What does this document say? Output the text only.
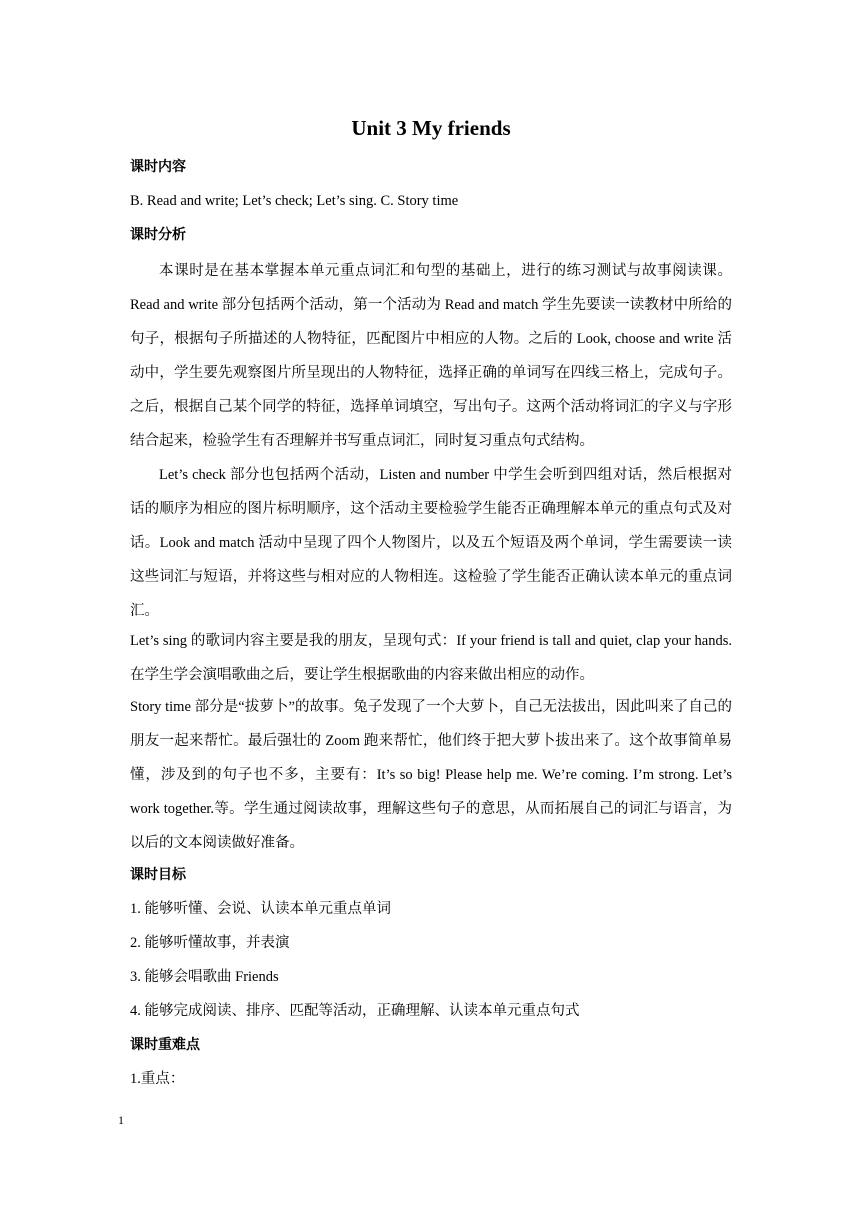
Unit 3 My friends
课时内容
B. Read and write; Let’s check; Let’s sing. C. Story time
课时分析
本课时是在基本掌握本单元重点词汇和句型的基础上，进行的练习测试与故事阅读课。Read and write 部分包括两个活动，第一个活动为 Read and match 学生先要读一读教材中所给的句子，根据句子所描述的人物特征，匹配图片中相应的人物。之后的 Look, choose and write 活动中，学生要先观察图片所呈现出的人物特征，选择正确的单词写在四线三格上，完成句子。之后，根据自己某个同学的特征，选择单词填空，写出句子。这两个活动将词汇的字义与字形结合起来，检验学生有否理解并书写重点词汇，同时复习重点句式结构。
Let’s check 部分也包括两个活动，Listen and number 中学生会听到四组对话，然后根据对话的顺序为相应的图片标明顺序，这个活动主要检验学生能否正确理解本单元的重点句式及对话。Look and match 活动中呈现了四个人物图片，以及五个短语及两个单词，学生需要读一读这些词汇与短语，并将这些与相对应的人物相连。这检验了学生能否正确认读本单元的重点词汇。
Let’s sing 的歌词内容主要是我的朋友，呈现句式：If your friend is tall and quiet, clap your hands. 在学生学会演唱歌曲之后，要让学生根据歌曲的内容来做出相应的动作。
Story time 部分是“拔萝卜”的故事。兔子发现了一个大萝卜，自己无法拔出，因此叫来了自己的朋友一起来帮忙。最后强壮的 Zoom 跑来帮忙，他们终于把大萝卜拔出来了。这个故事简单易懂，涉及到的句子也不多，主要有：It’s so big! Please help me. We’re coming. I’m strong. Let’s work together.等。学生通过阅读故事，理解这些句子的意思，从而拓展自己的词汇与语言，为以后的文本阅读做好准备。
课时目标
1. 能够听懂、会说、认读本单元重点单词
2. 能够听懂故事，并表演
3. 能够会唱歌曲 Friends
4. 能够完成阅读、排序、匹配等活动，正确理解、认读本单元重点句式
课时重难点
1.重点：
1
